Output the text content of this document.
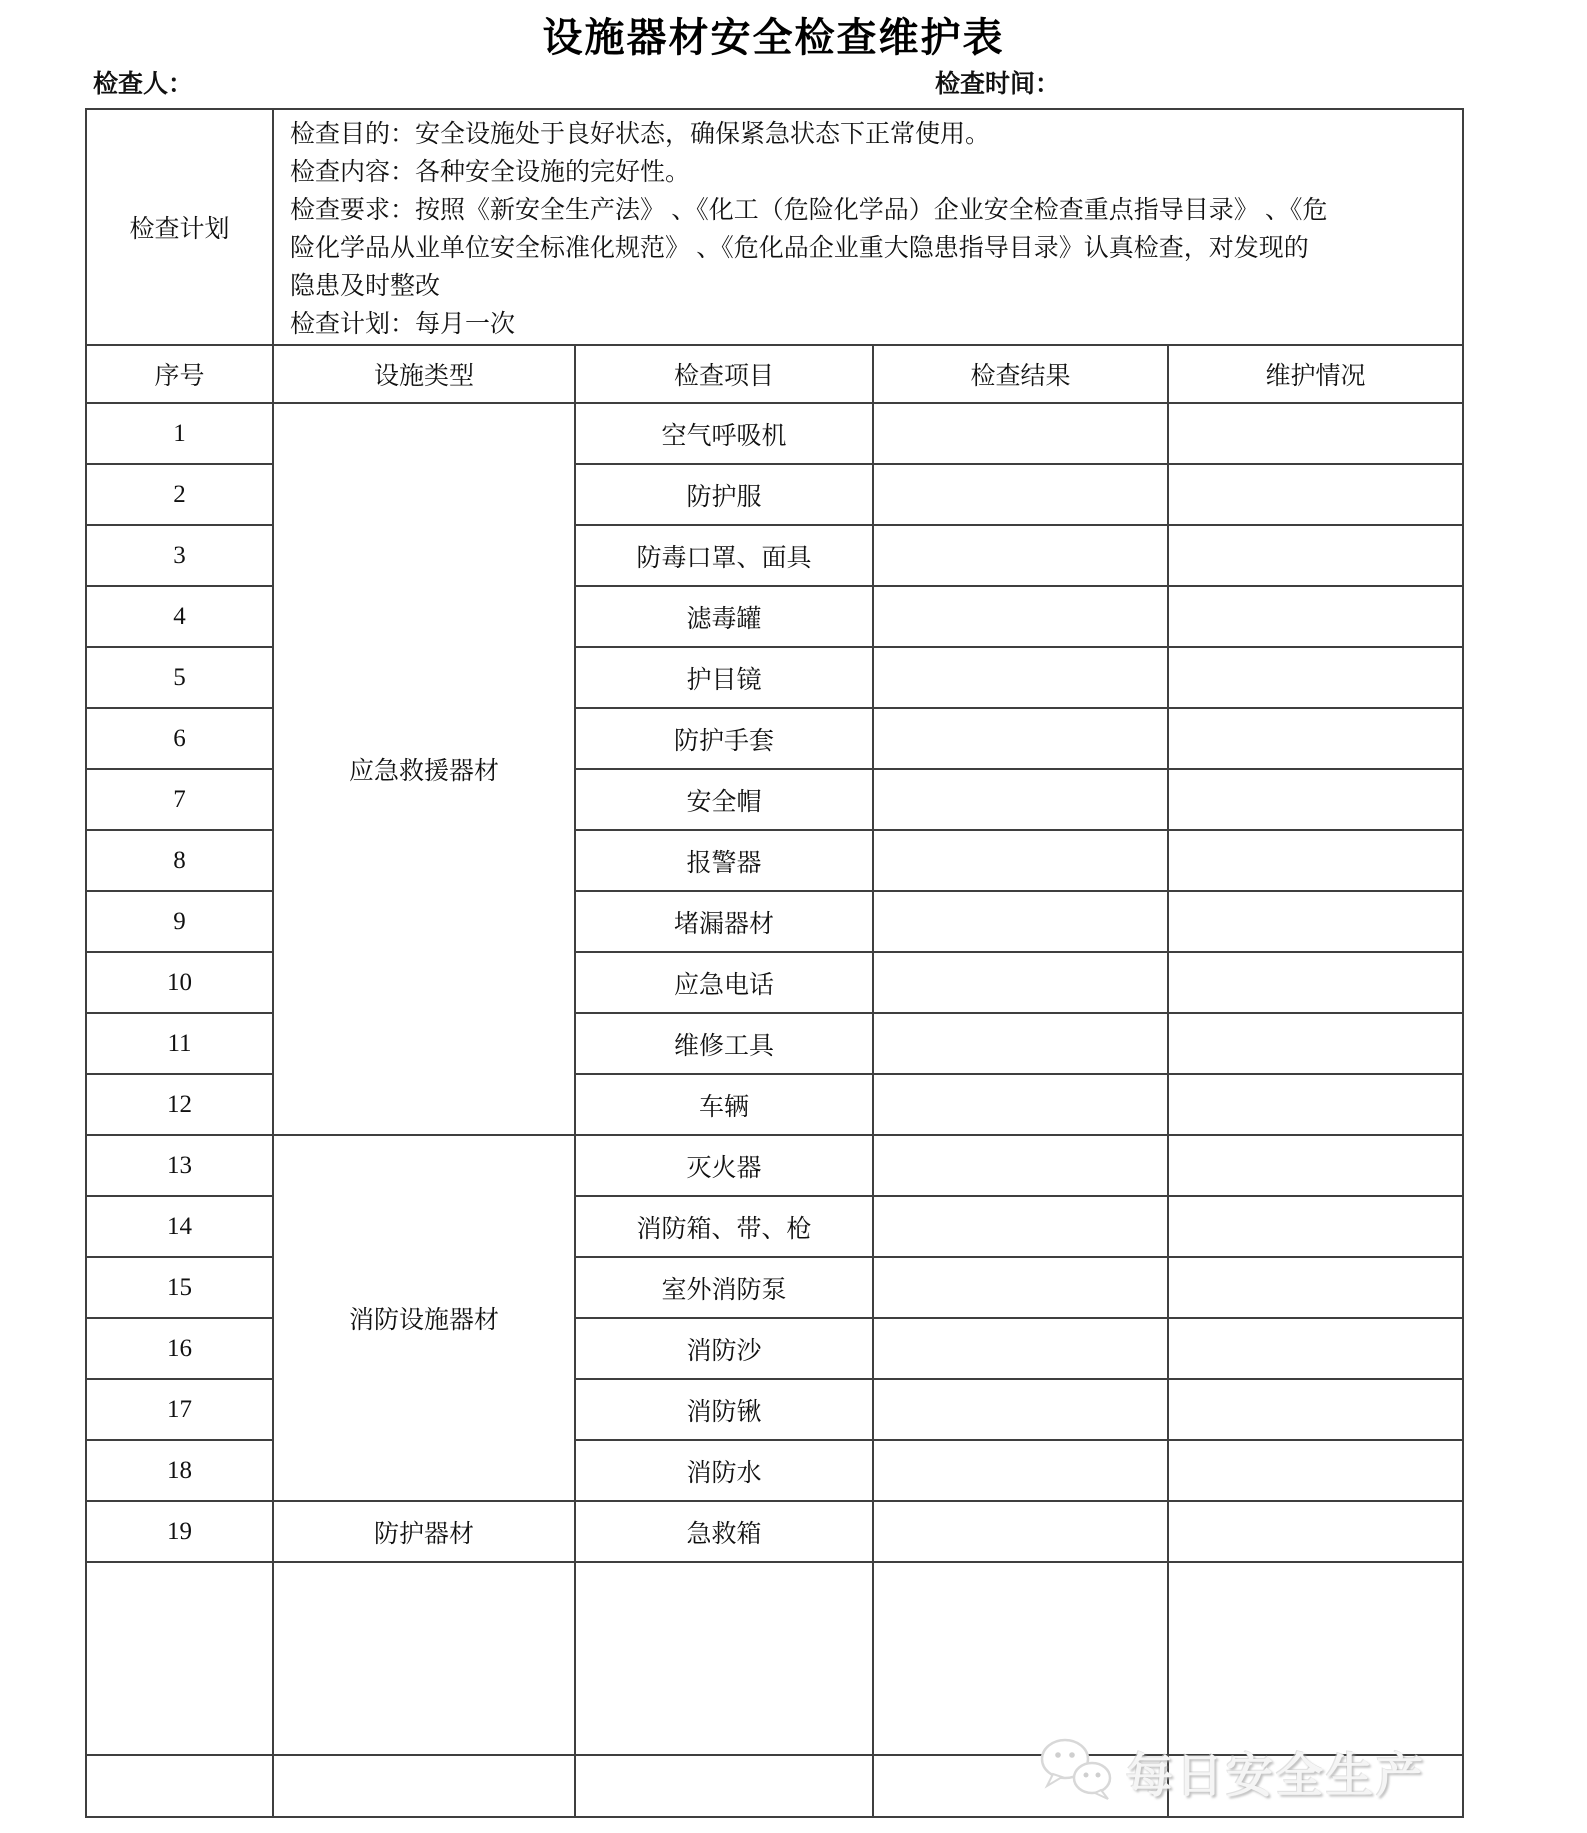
设施器材安全检查维护表
检查人：	检查时间：
检查计划	
检查目的：安全设施处于良好状态，确保紧急状态下正常使用。
检查内容：各种安全设施的完好性。
检查要求：按照《新安全生产法》 、《化工（危险化学品）企业安全检查重点指导目录》 、《危
险化学品从业单位安全标准化规范》 、《危化品企业重大隐患指导目录》认真检查，对发现的
隐患及时整改
检查计划：每月一次

序号	设施类型	检查项目	检查结果	维护情况
1	应急救援器材	空气呼吸机		
2		防护服		
3		防毒口罩、面具		
4		滤毒罐		
5		护目镜		
6		防护手套		
7		安全帽		
8		报警器		
9		堵漏器材		
10		应急电话		
11		维修工具		
12		车辆		
13	消防设施器材	灭火器		
14		消防箱、带、枪		
15		室外消防泵		
16		消防沙		
17		消防锹		
18		消防水		
19	防护器材	急救箱		

每日安全生产
